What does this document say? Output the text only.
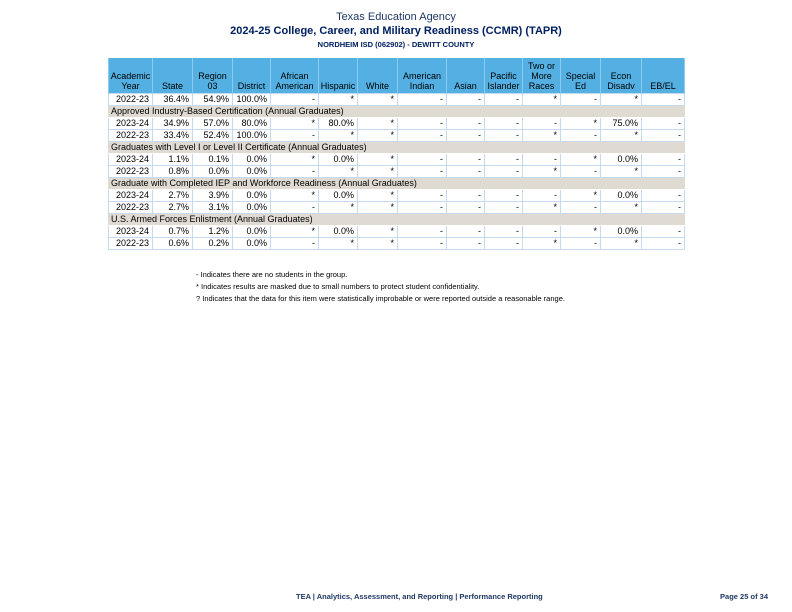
Texas Education Agency
2024-25 College, Career, and Military Readiness (CCMR) (TAPR)
NORDHEIM ISD (062902) - DEWITT COUNTY
Academic Year	State	Region 03	District	African American	Hispanic	White	American Indian	Asian	Pacific Islander	Two or More Races	Special Ed	Econ Disadv	EB/EL
2022-23	36.4%	54.9%	100.0%	-	*	*	-	-	-	*	-	*	-
Approved Industry-Based Certification (Annual Graduates)													
2023-24	34.9%	57.0%	80.0%	*	80.0%	*	-	-	-	-	*	75.0%	-
2022-23	33.4%	52.4%	100.0%	-	*	*	-	-	-	*	-	*	-
Graduates with Level I or Level II Certificate (Annual Graduates)													
2023-24	1.1%	0.1%	0.0%	*	0.0%	*	-	-	-	-	*	0.0%	-
2022-23	0.8%	0.0%	0.0%	-	*	*	-	-	-	*	-	*	-
Graduate with Completed IEP and Workforce Readiness (Annual Graduates)													
2023-24	2.7%	3.9%	0.0%	*	0.0%	*	-	-	-	-	*	0.0%	-
2022-23	2.7%	3.1%	0.0%	-	*	*	-	-	-	*	-	*	-
U.S. Armed Forces Enlistment (Annual Graduates)													
2023-24	0.7%	1.2%	0.0%	*	0.0%	*	-	-	-	-	*	0.0%	-
2022-23	0.6%	0.2%	0.0%	-	*	*	-	-	-	*	-	*	-
- Indicates there are no students in the group.
* Indicates results are masked due to small numbers to protect student confidentiality.
? Indicates that the data for this item were statistically improbable or were reported outside a reasonable range.
TEA | Analytics, Assessment, and Reporting | Performance Reporting	Page 25 of 34
